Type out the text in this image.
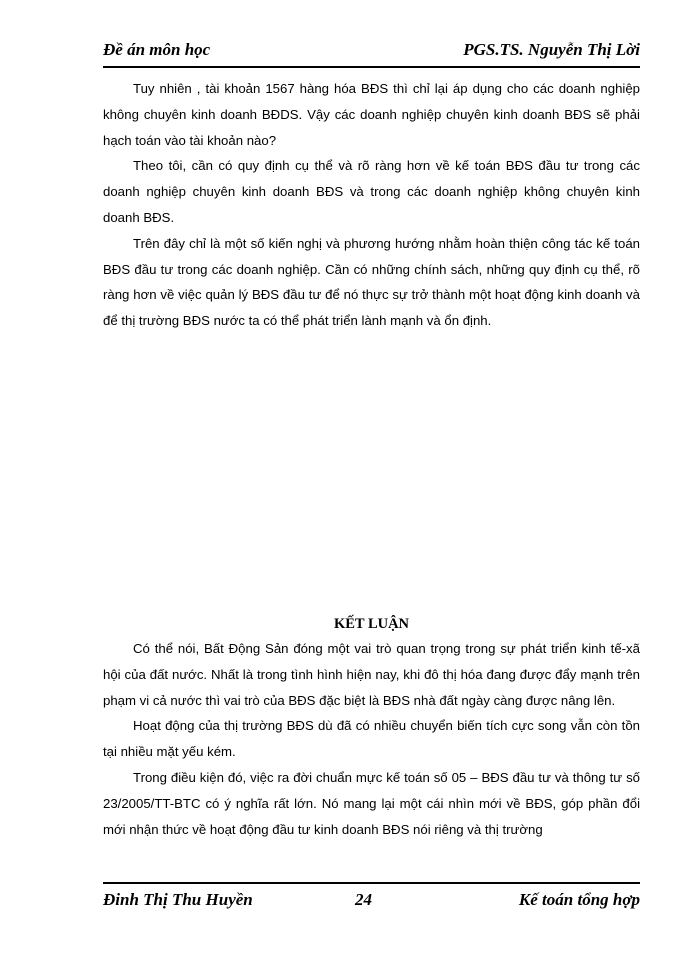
Đề án môn học	PGS.TS. Nguyễn Thị Lời

Tuy nhiên , tài khoản 1567 hàng hóa BĐS thì chỉ lại áp dụng cho các doanh nghiệp không chuyên kinh doanh BĐDS. Vậy các doanh nghiệp chuyên kinh doanh BĐS sẽ phải hạch toán vào tài khoản nào?

Theo tôi, cần có quy định cụ thể và rõ ràng hơn về kế toán BĐS đầu tư trong các doanh nghiệp chuyên kinh doanh BĐS và trong các doanh nghiệp không chuyên kinh doanh BĐS.

Trên đây chỉ là một số kiến nghị và phương hướng nhằm hoàn thiện công tác kế toán BĐS đầu tư trong các doanh nghiệp. Cần có những chính sách, những quy định cụ thể, rõ ràng hơn về việc quản lý BĐS đầu tư để nó thực sự trở thành một hoạt động kinh doanh và để thị trường BĐS nước ta có thể phát triển lành mạnh và ổn định.

KẾT LUẬN

Có thể nói, Bất Động Sản đóng một vai trò quan trọng trong sự phát triển kinh tế-xã hội của đất nước. Nhất là trong tình hình hiện nay, khi đô thị hóa đang được đẩy mạnh trên phạm vi cả nước thì vai trò của BĐS đặc biệt là BĐS nhà đất ngày càng được nâng lên.

Hoạt động của thị trường BĐS dù đã có nhiều chuyển biến tích cực song vẫn còn tồn tại nhiều mặt yếu kém.

Trong điều kiện đó, việc ra đời chuẩn mực kế toán số 05 – BĐS đầu tư và thông tư số 23/2005/TT-BTC có ý nghĩa rất lớn. Nó mang lại một cái nhìn mới về BĐS, góp phần đổi mới nhận thức về hoạt động đầu tư kinh doanh BĐS nói riêng và thị trường

Đinh Thị Thu Huyền	24	Kế toán tổng hợp
